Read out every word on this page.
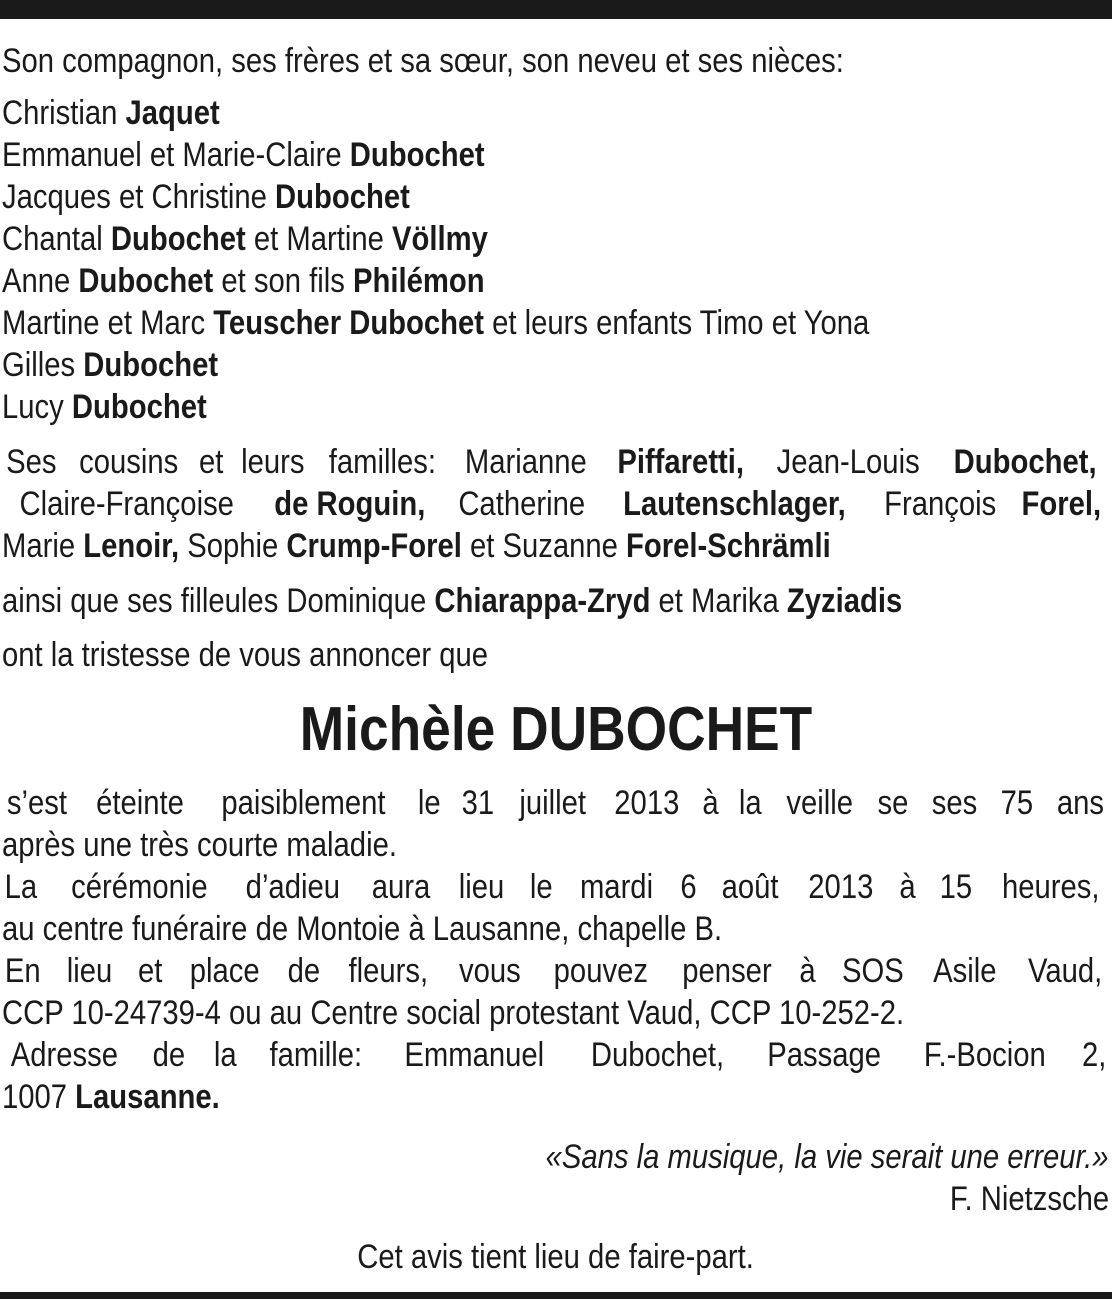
Son compagnon, ses frères et sa sœur, son neveu et ses nièces:
Christian Jaquet
Emmanuel et Marie-Claire Dubochet
Jacques et Christine Dubochet
Chantal Dubochet et Martine Völlmy
Anne Dubochet et son fils Philémon
Martine et Marc Teuscher Dubochet et leurs enfants Timo et Yona
Gilles Dubochet
Lucy Dubochet
Ses cousins et leurs familles: Marianne Piffaretti, Jean-Louis Dubochet,
Claire-Françoise de Roguin, Catherine Lautenschlager, François Forel,
Marie Lenoir, Sophie Crump-Forel et Suzanne Forel-Schrämli
ainsi que ses filleules Dominique Chiarappa-Zryd et Marika Zyziadis
ont la tristesse de vous annoncer que
Michèle DUBOCHET
s’est éteinte paisiblement le 31 juillet 2013 à la veille se ses 75 ans
après une très courte maladie.
La cérémonie d’adieu aura lieu le mardi 6 août 2013 à 15 heures,
au centre funéraire de Montoie à Lausanne, chapelle B.
En lieu et place de fleurs, vous pouvez penser à SOS Asile Vaud,
CCP 10-24739-4 ou au Centre social protestant Vaud, CCP 10-252-2.
Adresse de la famille: Emmanuel Dubochet, Passage F.-Bocion 2,
1007 Lausanne.
«Sans la musique, la vie serait une erreur.»
F. Nietzsche
Cet avis tient lieu de faire-part.
